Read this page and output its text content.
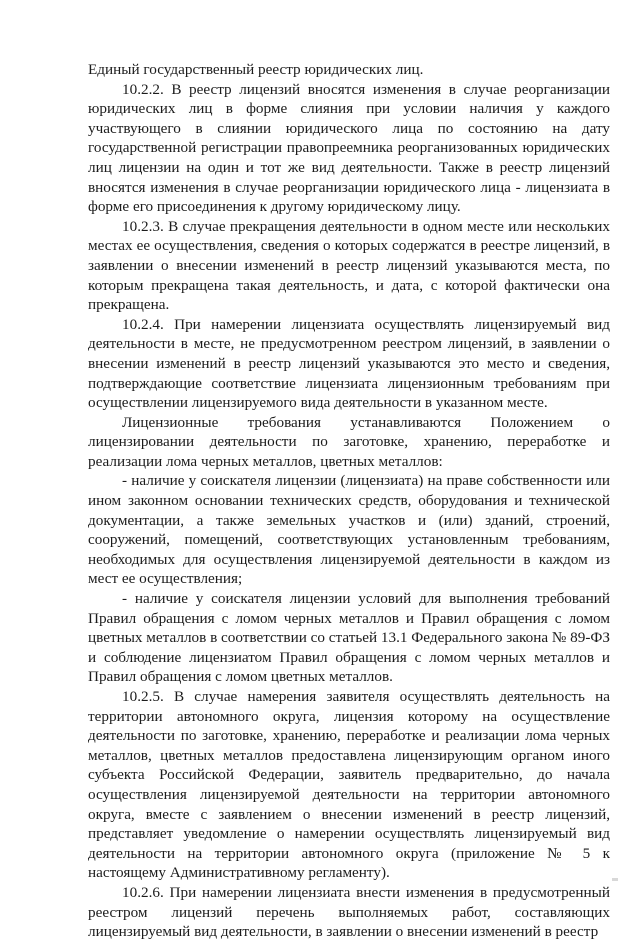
Единый государственный реестр юридических лиц.

10.2.2. В реестр лицензий вносятся изменения в случае реорганизации юридических лиц в форме слияния при условии наличия у каждого участвующего в слиянии юридического лица по состоянию на дату государственной регистрации правопреемника реорганизованных юридических лиц лицензии на один и тот же вид деятельности. Также в реестр лицензий вносятся изменения в случае реорганизации юридического лица - лицензиата в форме его присоединения к другому юридическому лицу.

10.2.3. В случае прекращения деятельности в одном месте или нескольких местах ее осуществления, сведения о которых содержатся в реестре лицензий, в заявлении о внесении изменений в реестр лицензий указываются места, по которым прекращена такая деятельность, и дата, с которой фактически она прекращена.

10.2.4. При намерении лицензиата осуществлять лицензируемый вид деятельности в месте, не предусмотренном реестром лицензий, в заявлении о внесении изменений в реестр лицензий указываются это место и сведения, подтверждающие соответствие лицензиата лицензионным требованиям при осуществлении лицензируемого вида деятельности в указанном месте.

Лицензионные требования устанавливаются Положением о лицензировании деятельности по заготовке, хранению, переработке и реализации лома черных металлов, цветных металлов:

- наличие у соискателя лицензии (лицензиата) на праве собственности или ином законном основании технических средств, оборудования и технической документации, а также земельных участков и (или) зданий, строений, сооружений, помещений, соответствующих установленным требованиям, необходимых для осуществления лицензируемой деятельности в каждом из мест ее осуществления;

- наличие у соискателя лицензии условий для выполнения требований Правил обращения с ломом черных металлов и Правил обращения с ломом цветных металлов в соответствии со статьей 13.1 Федерального закона № 89-ФЗ и соблюдение лицензиатом Правил обращения с ломом черных металлов и Правил обращения с ломом цветных металлов.

10.2.5. В случае намерения заявителя осуществлять деятельность на территории автономного округа, лицензия которому на осуществление деятельности по заготовке, хранению, переработке и реализации лома черных металлов, цветных металлов предоставлена лицензирующим органом иного субъекта Российской Федерации, заявитель предварительно, до начала осуществления лицензируемой деятельности на территории автономного округа, вместе с заявлением о внесении изменений в реестр лицензий, представляет уведомление о намерении осуществлять лицензируемый вид деятельности на территории автономного округа (приложение № 5 к настоящему Административному регламенту).

10.2.6. При намерении лицензиата внести изменения в предусмотренный реестром лицензий перечень выполняемых работ, составляющих лицензируемый вид деятельности, в заявлении о внесении изменений в реестр
